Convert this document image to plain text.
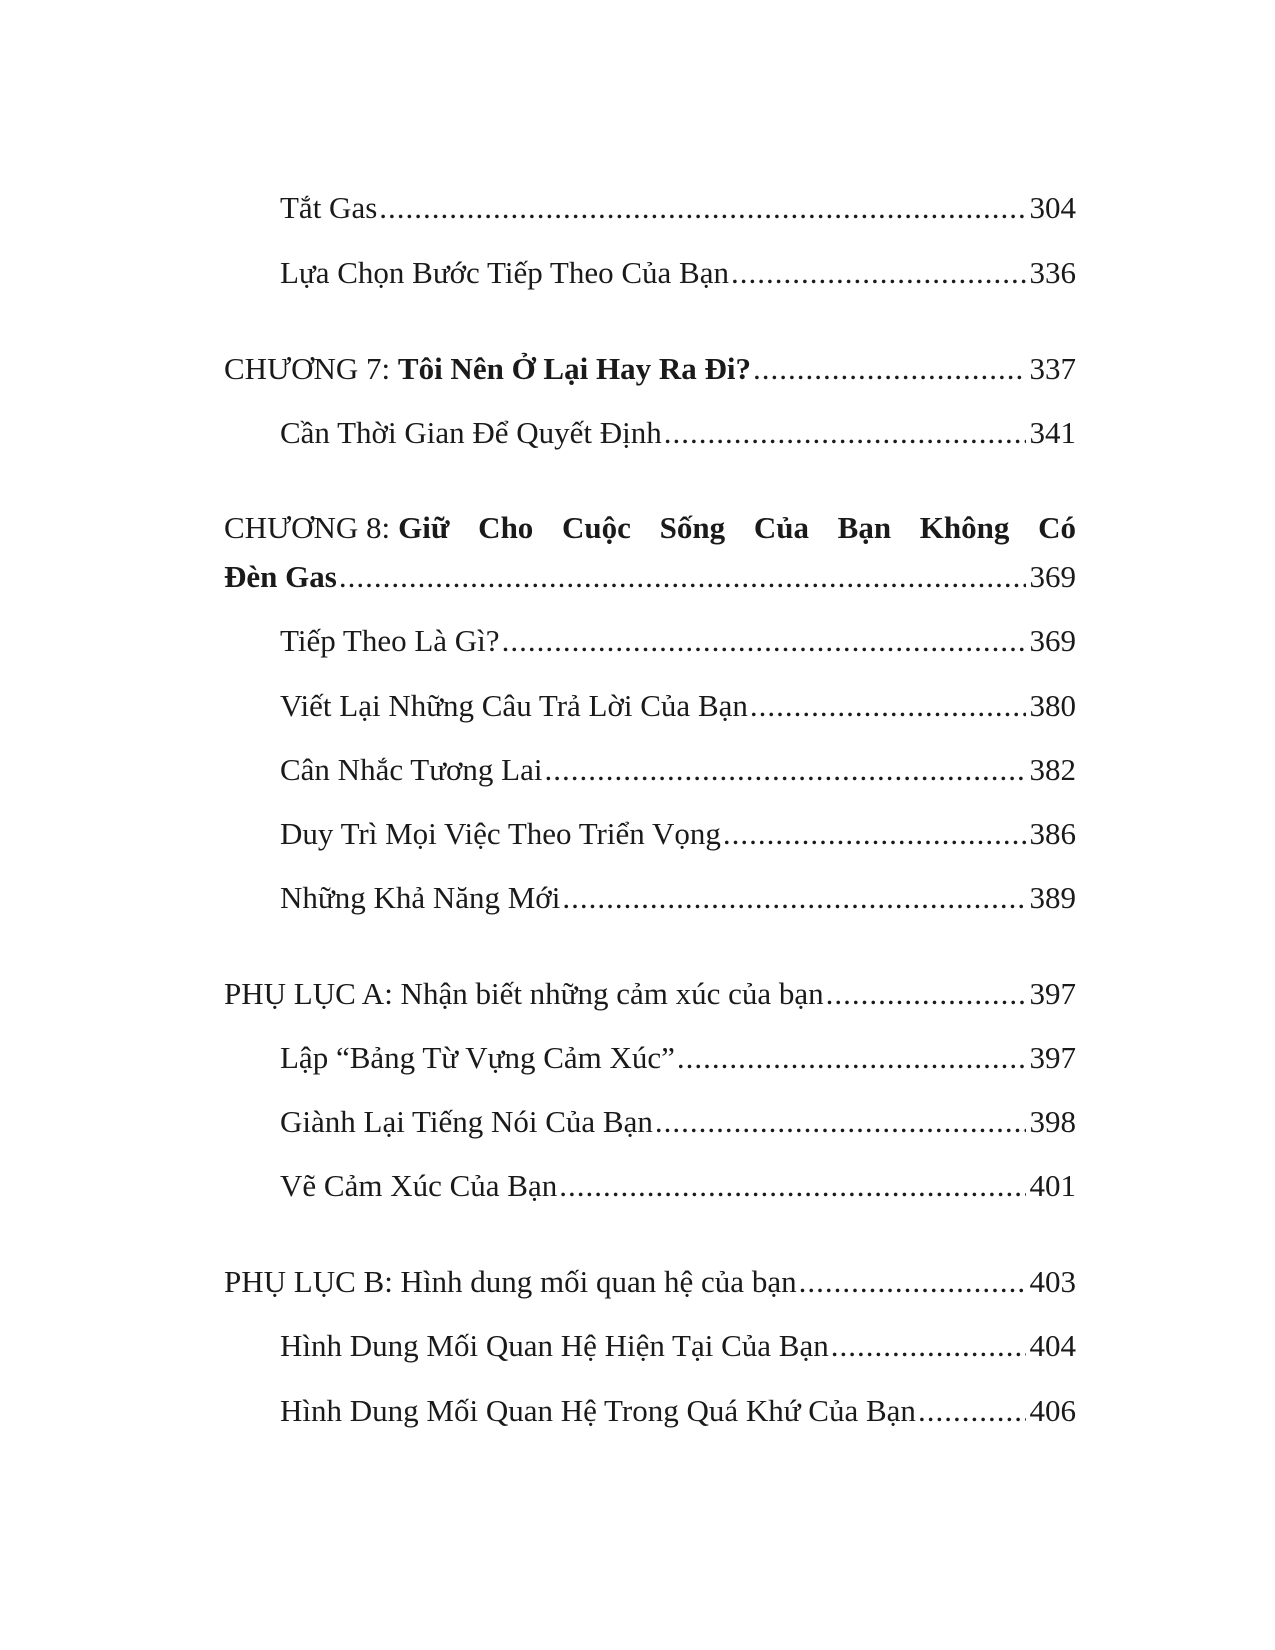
Tắt Gas .....	304
Lựa Chọn Bước Tiếp Theo Của Bạn .....	336
CHƯƠNG 7: Tôi Nên Ở Lại Hay Ra Đi? .....	337
Cần Thời Gian Để Quyết Định .....	341
CHƯƠNG 8: Giữ Cho Cuộc Sống Của Bạn Không Có
Đèn Gas .....	369
Tiếp Theo Là Gì? .....	369
Viết Lại Những Câu Trả Lời Của Bạn .....	380
Cân Nhắc Tương Lai .....	382
Duy Trì Mọi Việc Theo Triển Vọng .....	386
Những Khả Năng Mới .....	389
PHỤ LỤC A: Nhận biết những cảm xúc của bạn .....	397
Lập “Bảng Từ Vựng Cảm Xúc” .....	397
Giành Lại Tiếng Nói Của Bạn .....	398
Vẽ Cảm Xúc Của Bạn .....	401
PHỤ LỤC B: Hình dung mối quan hệ của bạn .....	403
Hình Dung Mối Quan Hệ Hiện Tại Của Bạn .....	404
Hình Dung Mối Quan Hệ Trong Quá Khứ Của Bạn .....	406
